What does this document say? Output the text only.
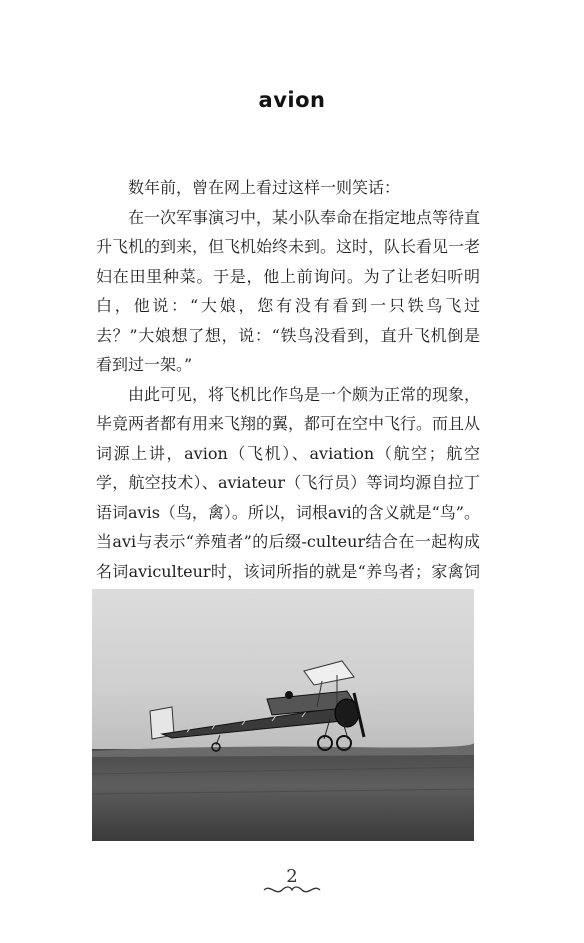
avion

数年前，曾在网上看过这样一则笑话：

在一次军事演习中，某小队奉命在指定地点等待直升飞机的到来，但飞机始终未到。这时，队长看见一老妇在田里种菜。于是，他上前询问。为了让老妇听明白，他说：“大娘，您有没有看到一只铁鸟飞过去？”大娘想了想，说：“铁鸟没看到，直升飞机倒是看到过一架。”

由此可见，将飞机比作鸟是一个颇为正常的现象，毕竟两者都有用来飞翔的翼，都可在空中飞行。而且从词源上讲，avion（飞机）、aviation（航空；航空学，航空技术）、aviateur（飞行员）等词均源自拉丁语词avis（鸟，禽）。所以，词根avi的含义就是“鸟”。当avi与表示“养殖者”的后缀-culteur结合在一起构成名词aviculteur时，该词所指的就是“养鸟者；家禽饲

2
